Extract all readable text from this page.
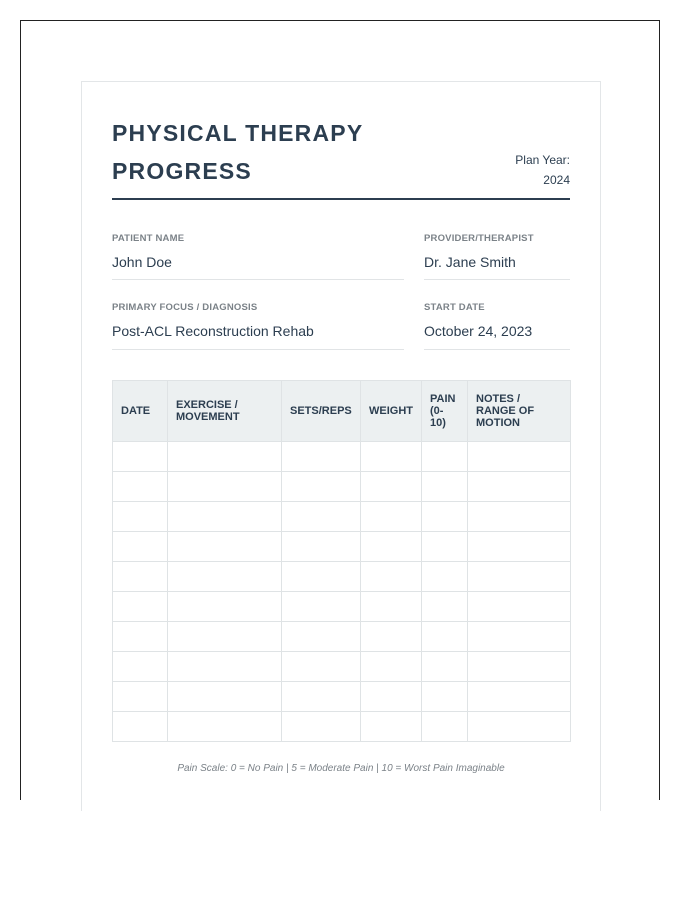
PHYSICAL THERAPY PROGRESS	Plan Year:
2024
PATIENT NAME
John Doe
PROVIDER/THERAPIST
Dr. Jane Smith
PRIMARY FOCUS / DIAGNOSIS
Post-ACL Reconstruction Rehab
START DATE
October 24, 2023
DATE	EXERCISE / MOVEMENT	SETS/REPS	WEIGHT	PAIN (0-10)	NOTES / RANGE OF MOTION

Pain Scale: 0 = No Pain | 5 = Moderate Pain | 10 = Worst Pain Imaginable
